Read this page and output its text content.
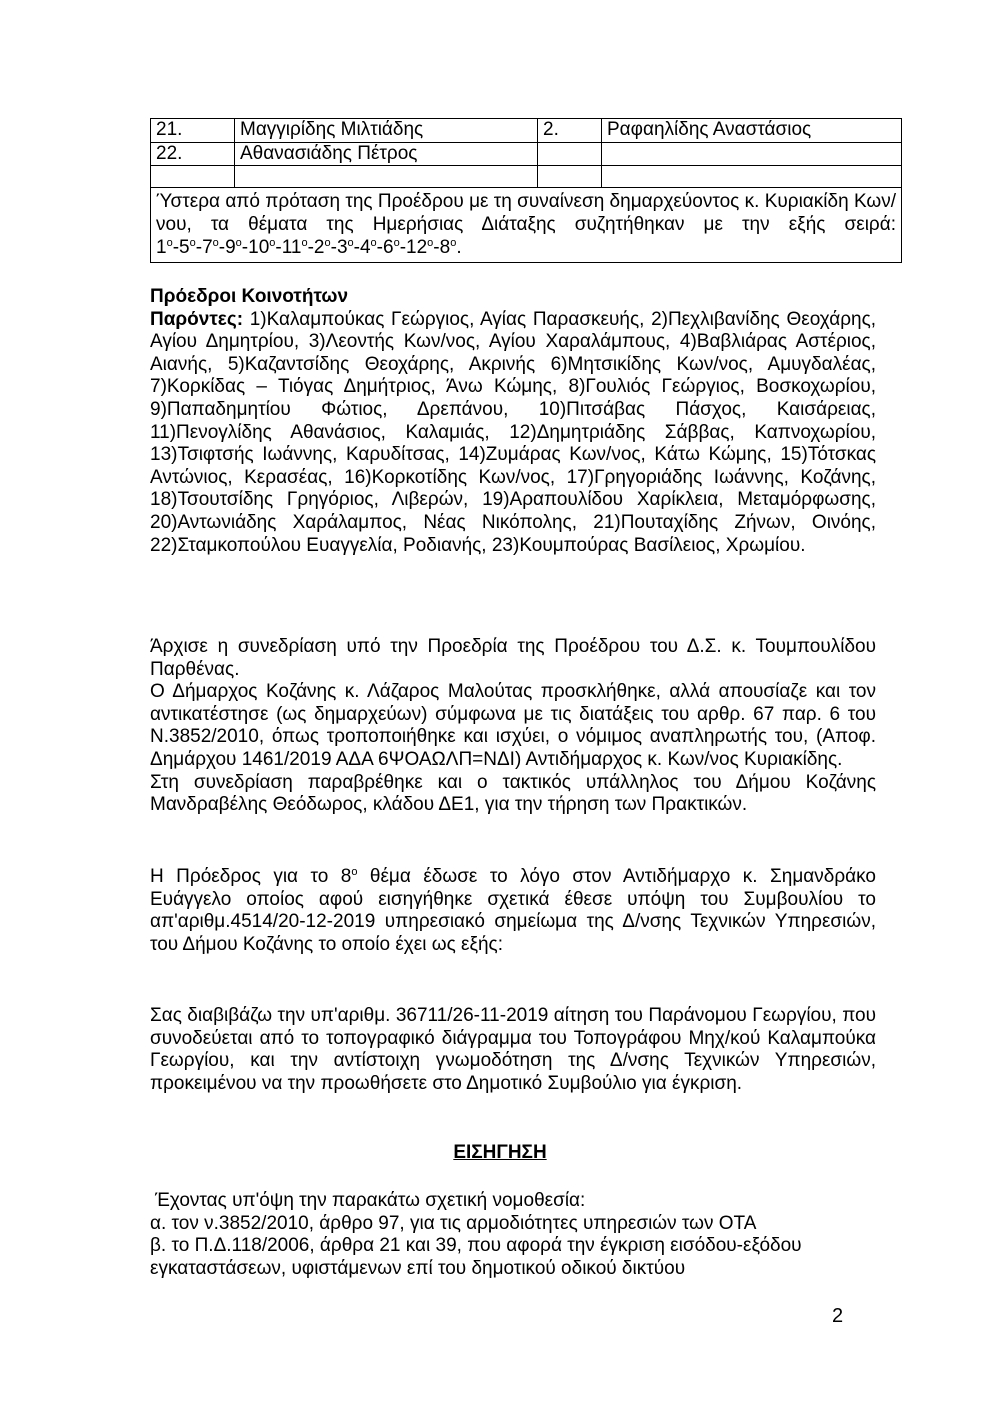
21.	Μαγγιρίδης Μιλτιάδης	2.	Ραφαηλίδης Αναστάσιος
22.	Αθανασιάδης Πέτρος		

Ύστερα από πρόταση της Προέδρου με τη συναίνεση δημαρχεύοντος κ. Κυριακίδη Κων/νου, τα θέματα της Ημερήσιας Διάταξης συζητήθηκαν με την εξής σειρά: $1^o-5^o-7^o-9^o-10^o-11^o-2^o-3^o-4^o-6^o-12^o-8^o$.			

Πρόεδροι Κοινοτήτων

Παρόντες: 1)Καλαμπούκας Γεώργιος, Αγίας Παρασκευής, 2)Πεχλιβανίδης Θεοχάρης, Αγίου Δημητρίου, 3)Λεοντής Κων/νος, Αγίου Χαραλάμπους, 4)Βαβλιάρας Αστέριος, Αιανής, 5)Καζαντσίδης Θεοχάρης, Ακρινής 6)Μητσικίδης Κων/νος, Αμυγδαλέας, 7)Κορκίδας – Τιόγας Δημήτριος, Άνω Κώμης, 8)Γουλιός Γεώργιος, Βοσκοχωρίου, 9)Παπαδημητίου Φώτιος, Δρεπάνου, 10)Πιτσάβας Πάσχος, Καισάρειας, 11)Πενογλίδης Αθανάσιος, Καλαμιάς, 12)Δημητριάδης Σάββας, Καπνοχωρίου, 13)Τσιφτσής Ιωάννης, Καρυδίτσας, 14)Ζυμάρας Κων/νος, Κάτω Κώμης, 15)Τότσκας Αντώνιος, Κερασέας, 16)Κορκοτίδης Κων/νος, 17)Γρηγοριάδης Ιωάννης, Κοζάνης, 18)Τσουτσίδης Γρηγόριος, Λιβερών, 19)Αραπουλίδου Χαρίκλεια, Μεταμόρφωσης, 20)Αντωνιάδης Χαράλαμπος, Νέας Νικόπολης, 21)Πουταχίδης Ζήνων, Οινόης, 22)Σταμκοπούλου Ευαγγελία, Ροδιανής, 23)Κουμπούρας Βασίλειος, Χρωμίου.

Άρχισε η συνεδρίαση υπό την Προεδρία της Προέδρου του Δ.Σ. κ. Τουμπουλίδου Παρθένας.

Ο Δήμαρχος Κοζάνης κ. Λάζαρος Μαλούτας προσκλήθηκε, αλλά απουσίαζε και τον αντικατέστησε (ως δημαρχεύων) σύμφωνα με τις διατάξεις του αρθρ. 67 παρ. 6 του Ν.3852/2010, όπως τροποποιήθηκε και ισχύει, ο νόμιμος αναπληρωτής του, (Αποφ. Δημάρχου 1461/2019 ΑΔΑ 6ΨΟΑΩΛΠ=ΝΔΙ) Αντιδήμαρχος κ. Κων/νος Κυριακίδης.

Στη συνεδρίαση παραβρέθηκε και ο τακτικός υπάλληλος του Δήμου Κοζάνης Μανδραβέλης Θεόδωρος, κλάδου ΔΕ1, για την τήρηση των Πρακτικών.

Η Πρόεδρος για το $8^o$ θέμα έδωσε το λόγο στον Αντιδήμαρχο κ. Σημανδράκο Ευάγγελο οποίος αφού εισηγήθηκε σχετικά έθεσε υπόψη του Συμβουλίου το απ'αριθμ.4514/20-12-2019 υπηρεσιακό σημείωμα της Δ/νσης Τεχνικών Υπηρεσιών, του Δήμου Κοζάνης το οποίο έχει ως εξής:

Σας διαβιβάζω την υπ'αριθμ. 36711/26-11-2019 αίτηση του Παράνομου Γεωργίου, που συνοδεύεται από το τοπογραφικό διάγραμμα του Τοπογράφου Μηχ/κού Καλαμπούκα Γεωργίου, και την αντίστοιχη γνωμοδότηση της Δ/νσης Τεχνικών Υπηρεσιών, προκειμένου να την προωθήσετε στο Δημοτικό Συμβούλιο για έγκριση.

ΕΙΣΗΓΗΣΗ

Έχοντας υπ'όψη την παρακάτω σχετική νομοθεσία:

α. τον ν.3852/2010, άρθρο 97, για τις αρμοδιότητες υπηρεσιών των ΟΤΑ

β. το Π.Δ.118/2006, άρθρα 21 και 39, που αφορά την έγκριση εισόδου-εξόδου εγκαταστάσεων, υφιστάμενων επί του δημοτικού οδικού δικτύου

2
